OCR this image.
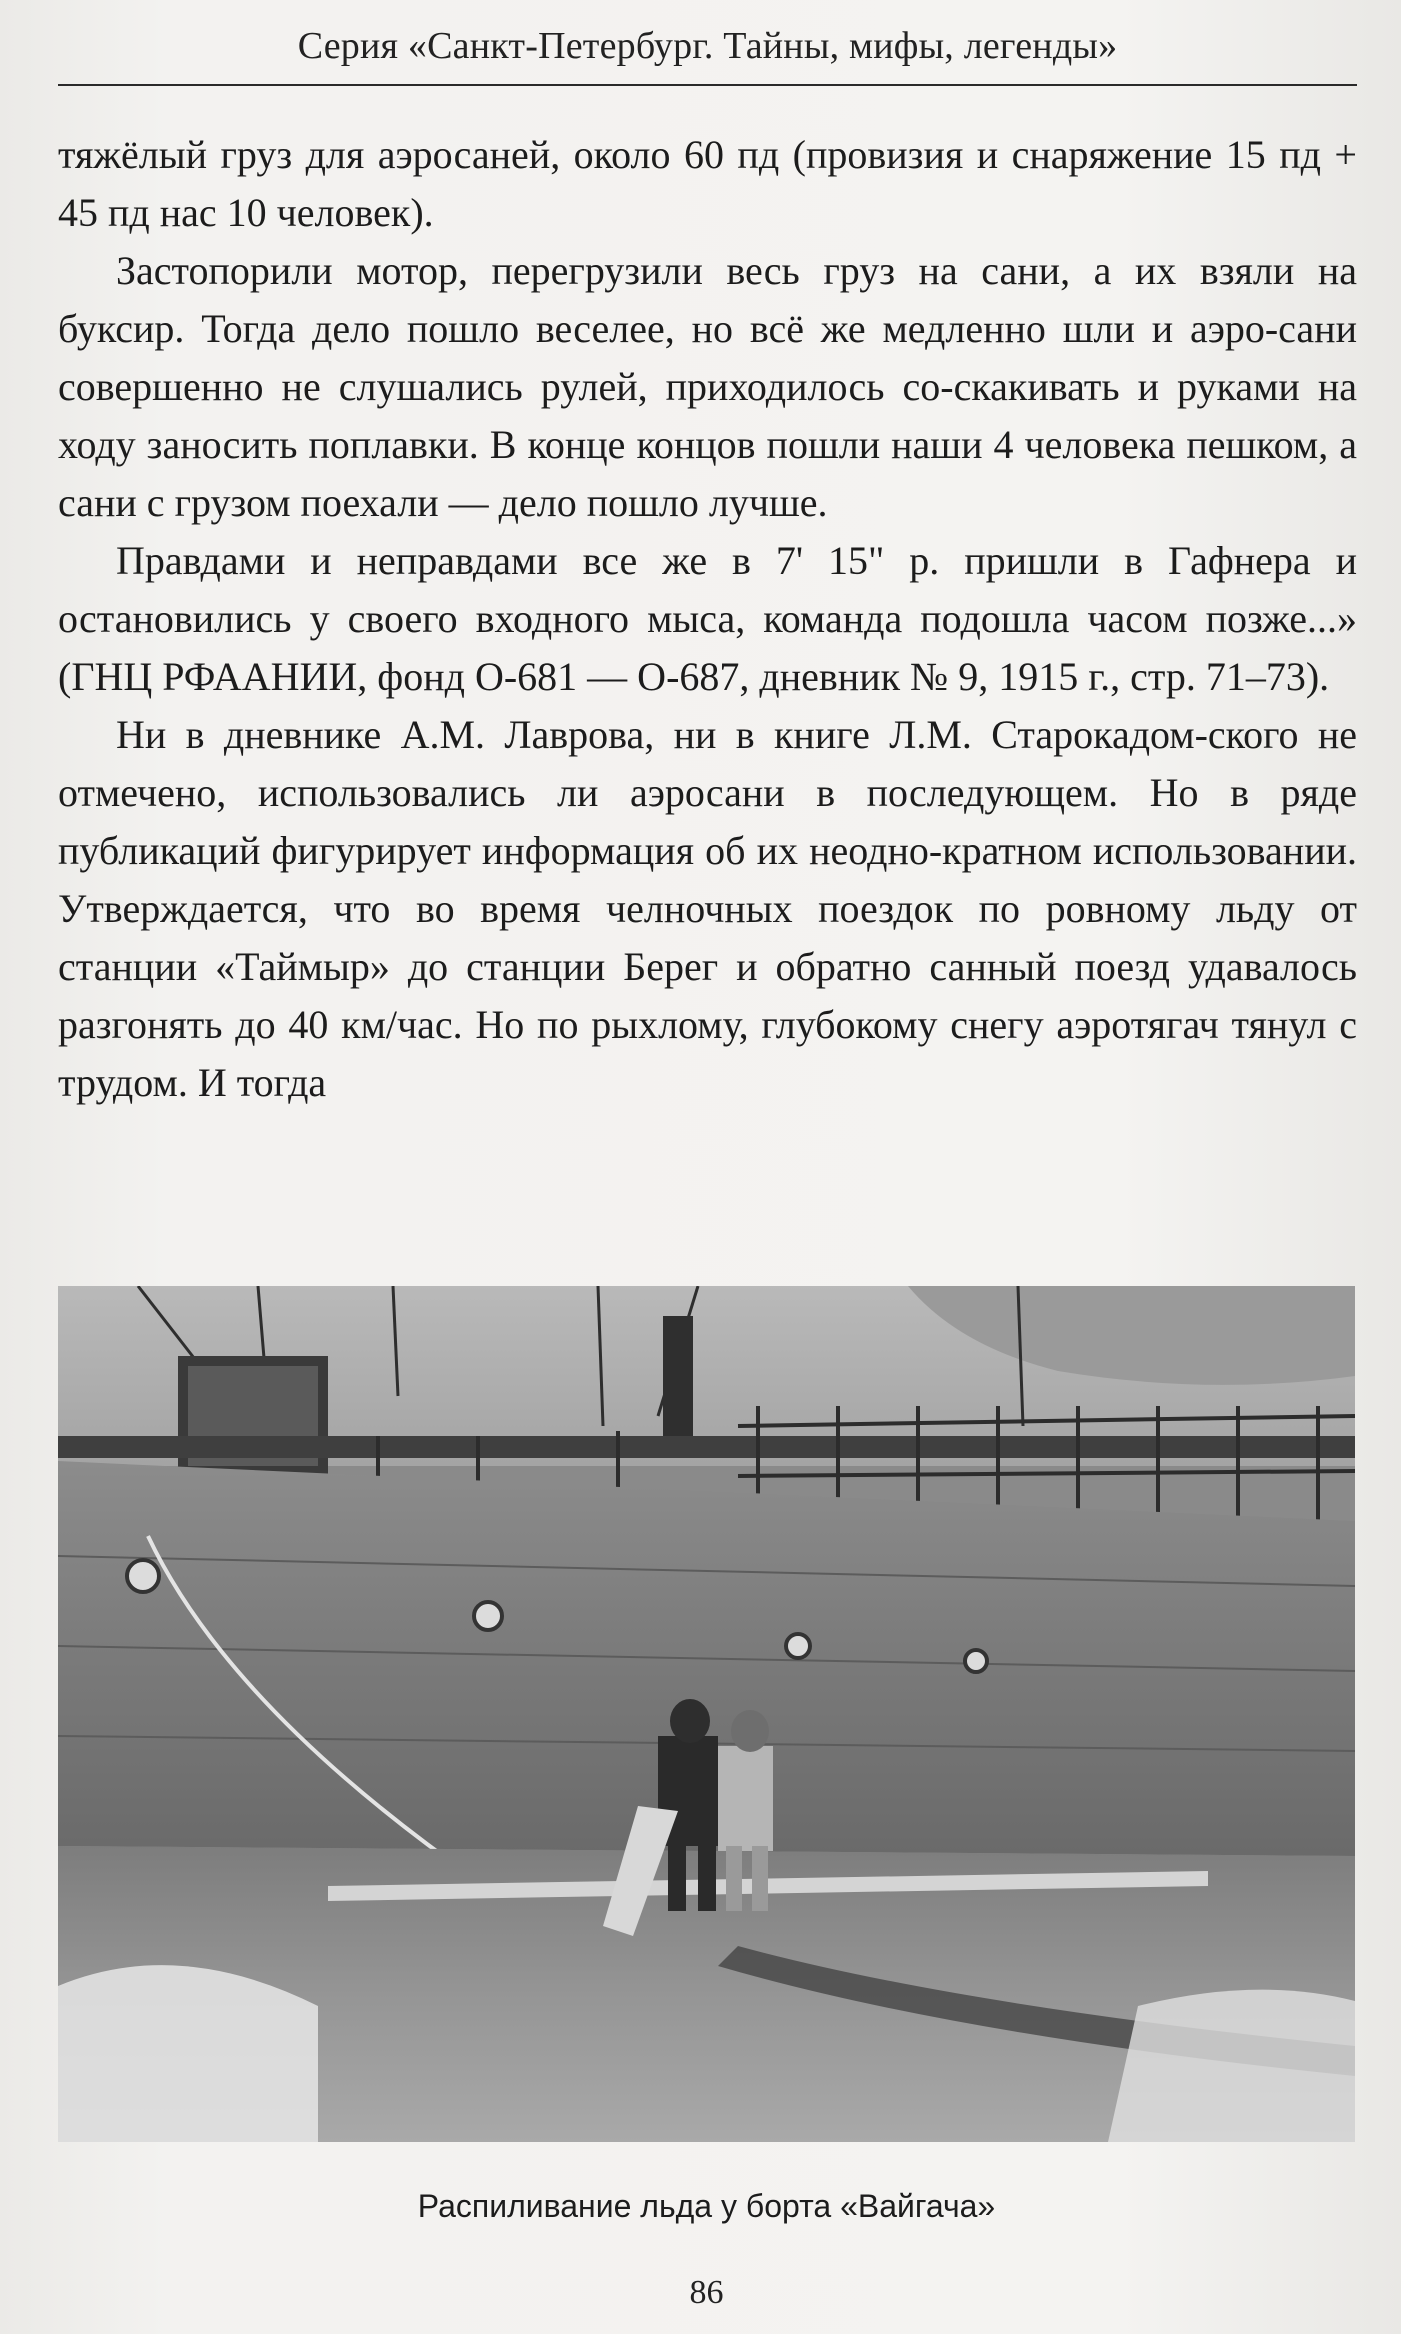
Серия «Санкт-Петербург. Тайны, мифы, легенды»

тяжёлый груз для аэросаней, около 60 пд (провизия и снаряжение 15 пд + 45 пд нас 10 человек).

Застопорили мотор, перегрузили весь груз на сани, а их взяли на буксир. Тогда дело пошло веселее, но всё же медленно шли и аэро-сани совершенно не слушались рулей, приходилось со-скакивать и руками на ходу заносить поплавки. В конце концов пошли наши 4 человека пешком, а сани с грузом поехали — дело пошло лучше.

Правдами и неправдами все же в 7' 15" р. пришли в Гафнера и остановились у своего входного мыса, команда подошла часом позже...» (ГНЦ РФААНИИ, фонд О-681 — О-687, дневник № 9, 1915 г., стр. 71–73).

Ни в дневнике А.М. Лаврова, ни в книге Л.М. Старокадом-ского не отмечено, использовались ли аэросани в последующем. Но в ряде публикаций фигурирует информация об их неодно-кратном использовании. Утверждается, что во время челночных поездок по ровному льду от станции «Таймыр» до станции Берег и обратно санный поезд удавалось разгонять до 40 км/час. Но по рыхлому, глубокому снегу аэротягач тянул с трудом. И тогда

Распиливание льда у борта «Вайгача»
86
